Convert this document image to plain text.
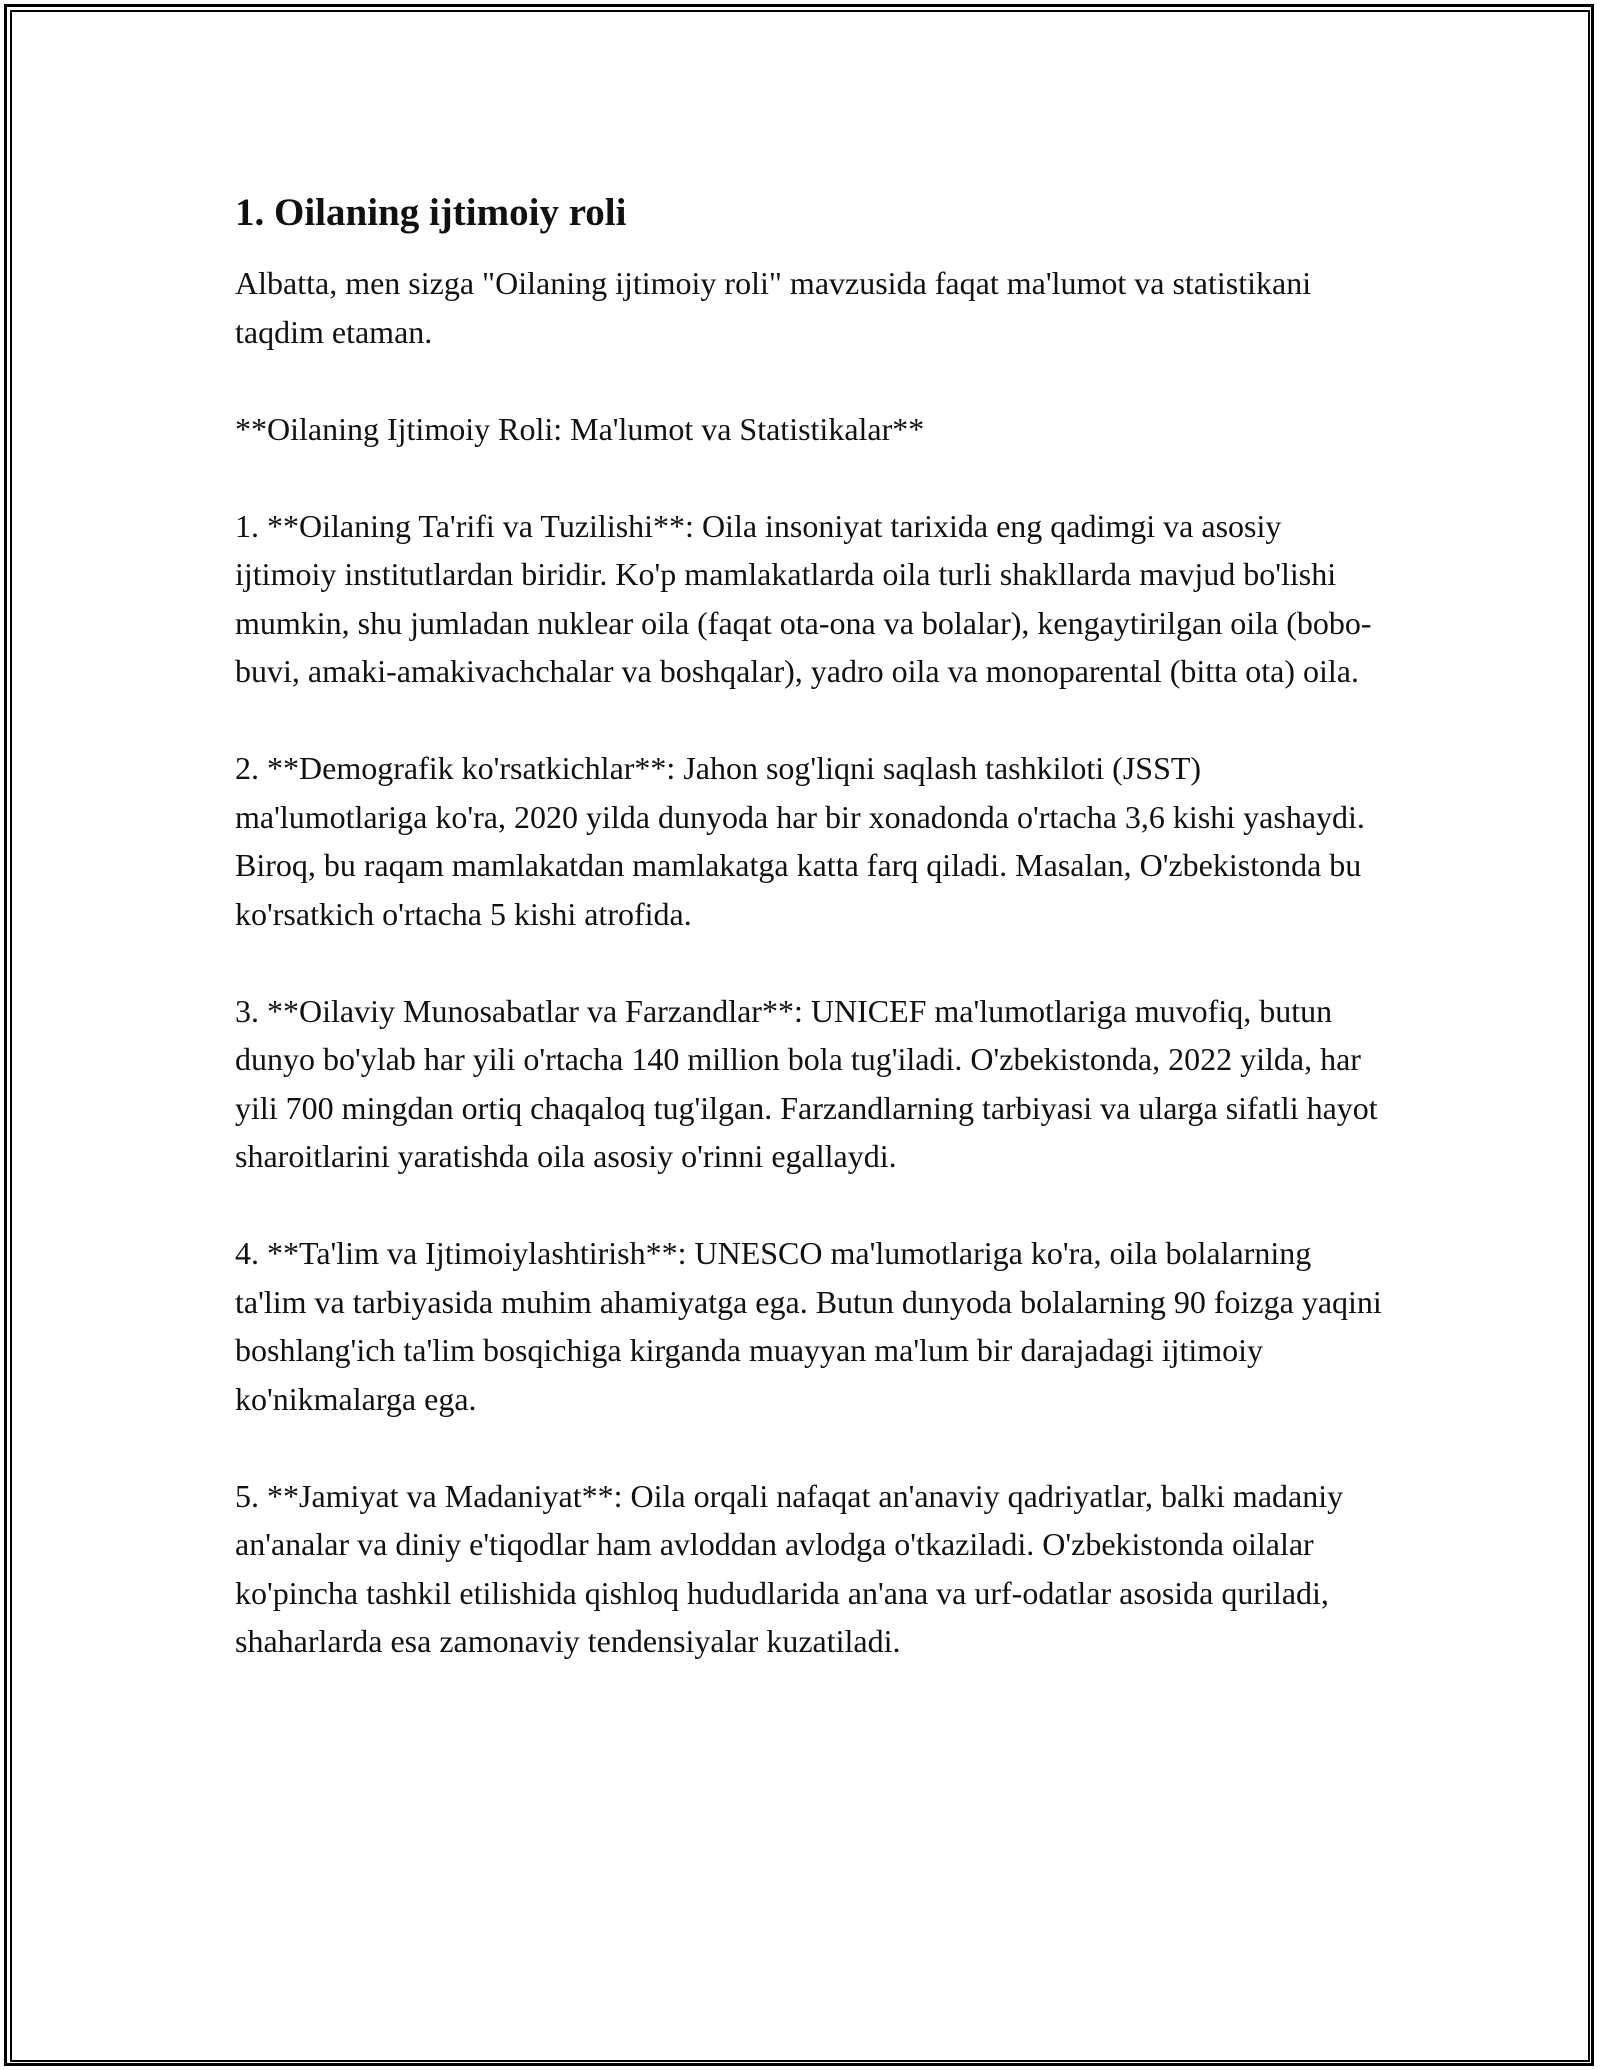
1. Oilaning ijtimoiy roli

Albatta, men sizga "Oilaning ijtimoiy roli" mavzusida faqat ma'lumot va statistikani taqdim etaman.

**Oilaning Ijtimoiy Roli: Ma'lumot va Statistikalar**

1. **Oilaning Ta'rifi va Tuzilishi**: Oila insoniyat tarixida eng qadimgi va asosiy ijtimoiy institutlardan biridir. Ko'p mamlakatlarda oila turli shakllarda mavjud bo'lishi mumkin, shu jumladan nuklear oila (faqat ota-ona va bolalar), kengaytirilgan oila (bobo-buvi, amaki-amakivachchalar va boshqalar), yadro oila va monoparental (bitta ota) oila.

2. **Demografik ko'rsatkichlar**: Jahon sog'liqni saqlash tashkiloti (JSST) ma'lumotlariga ko'ra, 2020 yilda dunyoda har bir xonadonda o'rtacha 3,6 kishi yashaydi. Biroq, bu raqam mamlakatdan mamlakatga katta farq qiladi. Masalan, O'zbekistonda bu ko'rsatkich o'rtacha 5 kishi atrofida.

3. **Oilaviy Munosabatlar va Farzandlar**: UNICEF ma'lumotlariga muvofiq, butun dunyo bo'ylab har yili o'rtacha 140 million bola tug'iladi. O'zbekistonda, 2022 yilda, har yili 700 mingdan ortiq chaqaloq tug'ilgan. Farzandlarning tarbiyasi va ularga sifatli hayot sharoitlarini yaratishda oila asosiy o'rinni egallaydi.

4. **Ta'lim va Ijtimoiylashtirish**: UNESCO ma'lumotlariga ko'ra, oila bolalarning ta'lim va tarbiyasida muhim ahamiyatga ega. Butun dunyoda bolalarning 90 foizga yaqini boshlang'ich ta'lim bosqichiga kirganda muayyan ma'lum bir darajadagi ijtimoiy ko'nikmalarga ega.

5. **Jamiyat va Madaniyat**: Oila orqali nafaqat an'anaviy qadriyatlar, balki madaniy an'analar va diniy e'tiqodlar ham avloddan avlodga o'tkaziladi. O'zbekistonda oilalar ko'pincha tashkil etilishida qishloq hududlarida an'ana va urf-odatlar asosida quriladi, shaharlarda esa zamonaviy tendensiyalar kuzatiladi.
